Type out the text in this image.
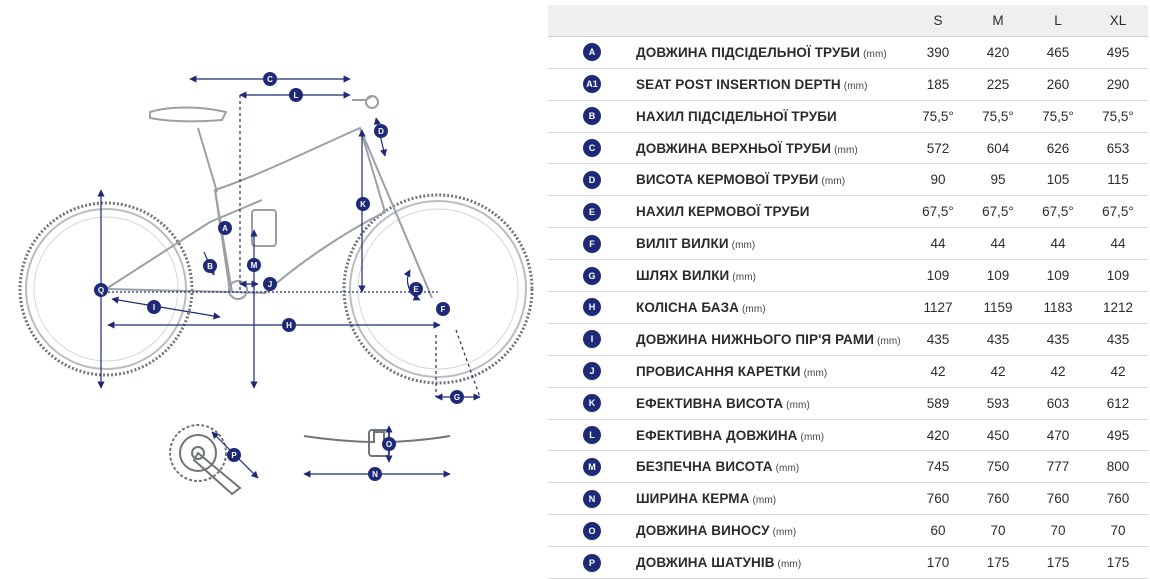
C
L
D
K
A
B	M
J
E
F
Q
I
H
G
P
O
N
		S	M	L	XL
A	ДОВЖИНА ПІДСІДЕЛЬНОЇ ТРУБИ (mm)	390	420	465	495
A1	SEAT POST INSERTION DEPTH (mm)	185	225	260	290
B	НАХИЛ ПІДСІДЕЛЬНОЇ ТРУБИ	75,5°	75,5°	75,5°	75,5°
C	ДОВЖИНА ВЕРХНЬОЇ ТРУБИ (mm)	572	604	626	653
D	ВИСОТА КЕРМОВОЇ ТРУБИ (mm)	90	95	105	115
E	НАХИЛ КЕРМОВОЇ ТРУБИ	67,5°	67,5°	67,5°	67,5°
F	ВИЛІТ ВИЛКИ (mm)	44	44	44	44
G	ШЛЯХ ВИЛКИ (mm)	109	109	109	109
H	КОЛІСНА БАЗА (mm)	1127	1159	1183	1212
I	ДОВЖИНА НИЖНЬОГО ПІР'Я РАМИ (mm)	435	435	435	435
J	ПРОВИСАННЯ КАРЕТКИ (mm)	42	42	42	42
K	ЕФЕКТИВНА ВИСОТА (mm)	589	593	603	612
L	ЕФЕКТИВНА ДОВЖИНА (mm)	420	450	470	495
M	БЕЗПЕЧНА ВИСОТА (mm)	745	750	777	800
N	ШИРИНА КЕРМА (mm)	760	760	760	760
O	ДОВЖИНА ВИНОСУ (mm)	60	70	70	70
P	ДОВЖИНА ШАТУНІВ (mm)	170	175	175	175
